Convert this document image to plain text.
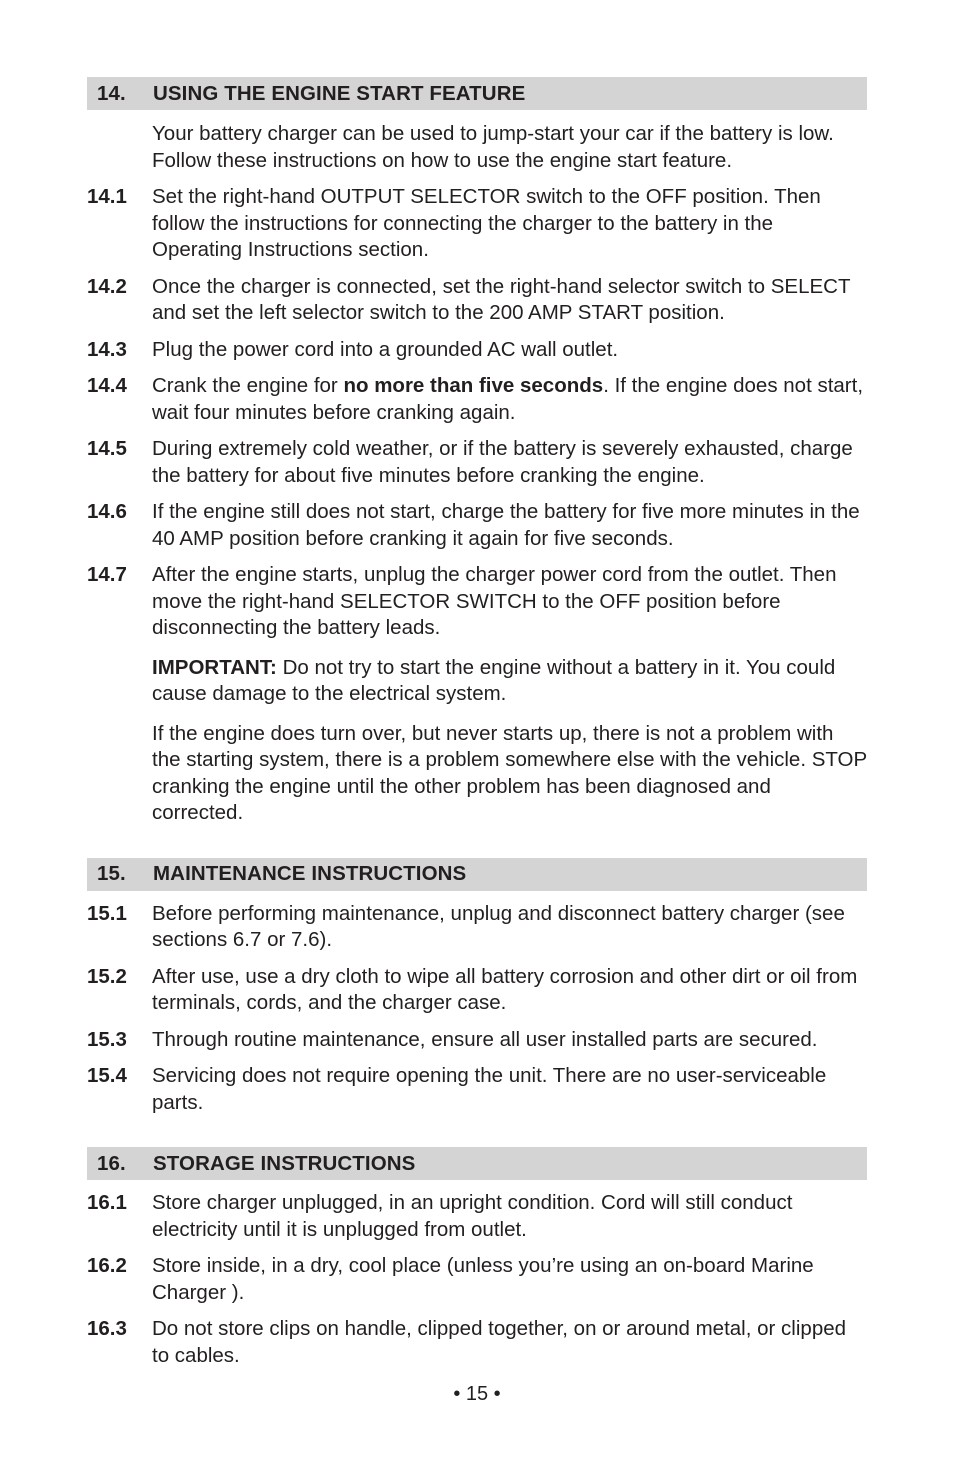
14.	USING THE ENGINE START FEATURE
Your battery charger can be used to jump-start your car if the battery is low. Follow these instructions on how to use the engine start feature.
14.1	Set the right-hand OUTPUT SELECTOR switch to the OFF position. Then follow the instructions for connecting the charger to the battery in the Operating Instructions section.
14.2	Once the charger is connected, set the right-hand selector switch to SELECT and set the left selector switch to the 200 AMP START position.
14.3	Plug the power cord into a grounded AC wall outlet.
14.4	Crank the engine for no more than five seconds. If the engine does not start, wait four minutes before cranking again.
14.5	During extremely cold weather, or if the battery is severely exhausted, charge the battery for about five minutes before cranking the engine.
14.6	If the engine still does not start, charge the battery for five more minutes in the 40 AMP position before cranking it again for five seconds.
14.7	After the engine starts, unplug the charger power cord from the outlet. Then move the right-hand SELECTOR SWITCH to the OFF position before disconnecting the battery leads.
IMPORTANT: Do not try to start the engine without a battery in it. You could cause damage to the electrical system.
If the engine does turn over, but never starts up, there is not a problem with the starting system, there is a problem somewhere else with the vehicle. STOP cranking the engine until the other problem has been diagnosed and corrected.
15.	MAINTENANCE INSTRUCTIONS
15.1	Before performing maintenance, unplug and disconnect battery charger (see sections 6.7 or 7.6).
15.2	After use, use a dry cloth to wipe all battery corrosion and other dirt or oil from terminals, cords, and the charger case.
15.3	Through routine maintenance, ensure all user installed parts are secured.
15.4	Servicing does not require opening the unit. There are no user-serviceable parts.
16.	STORAGE INSTRUCTIONS
16.1	Store charger unplugged, in an upright condition. Cord will still conduct electricity until it is unplugged from outlet.
16.2	Store inside, in a dry, cool place (unless you’re using an on-board Marine Charger ).
16.3	Do not store clips on handle, clipped together, on or around metal, or clipped to cables.
• 15 •
